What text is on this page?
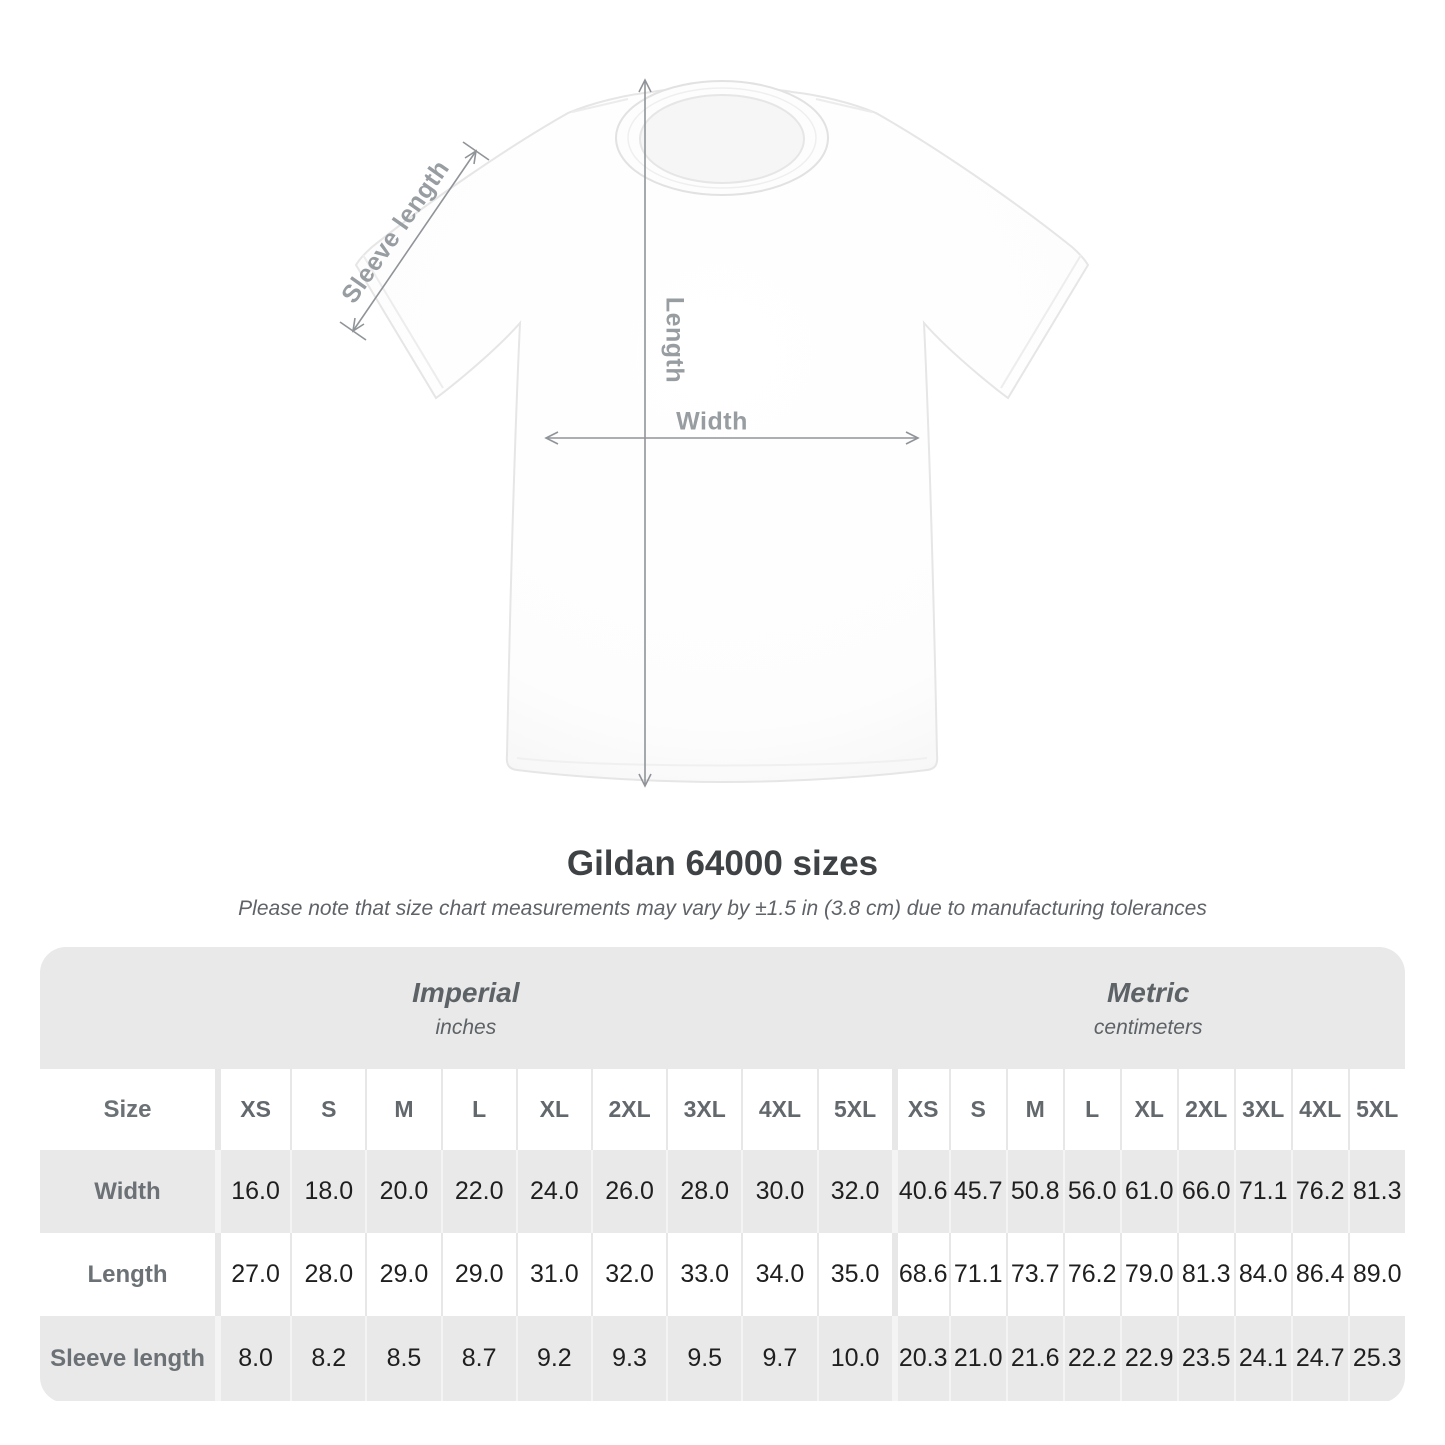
Sleeve length
Length
Width
Gildan 64000 sizes
Please note that size chart measurements may vary by ±1.5 in (3.8 cm) due to manufacturing tolerances
Imperial
inches
Metric
centimeters
Size	XS	S	M	L	XL	2XL	3XL	4XL	5XL	XS	S	M	L	XL 2XL 3XL 4XL 5XL
Width	16.0 18.0	20.0	22.0	24.0	26.0	28.0	30.0	32.0 40.6 45.7 50.8 56.0 61.0 66.0 71.1 76.2 81.3
Length	27.0 28.0	29.0	29.0	31.0	32.0	33.0	34.0	35.0 68.6 71.1 73.7 76.2 79.0 81.3 84.0 86.4 89.0
Sleeve length	8.0	8.2	8.5	8.7	9.2	9.3	9.5	9.7	10.0 20.3 21.0 21.6 22.2 22.9 23.5 24.1 24.7 25.3
